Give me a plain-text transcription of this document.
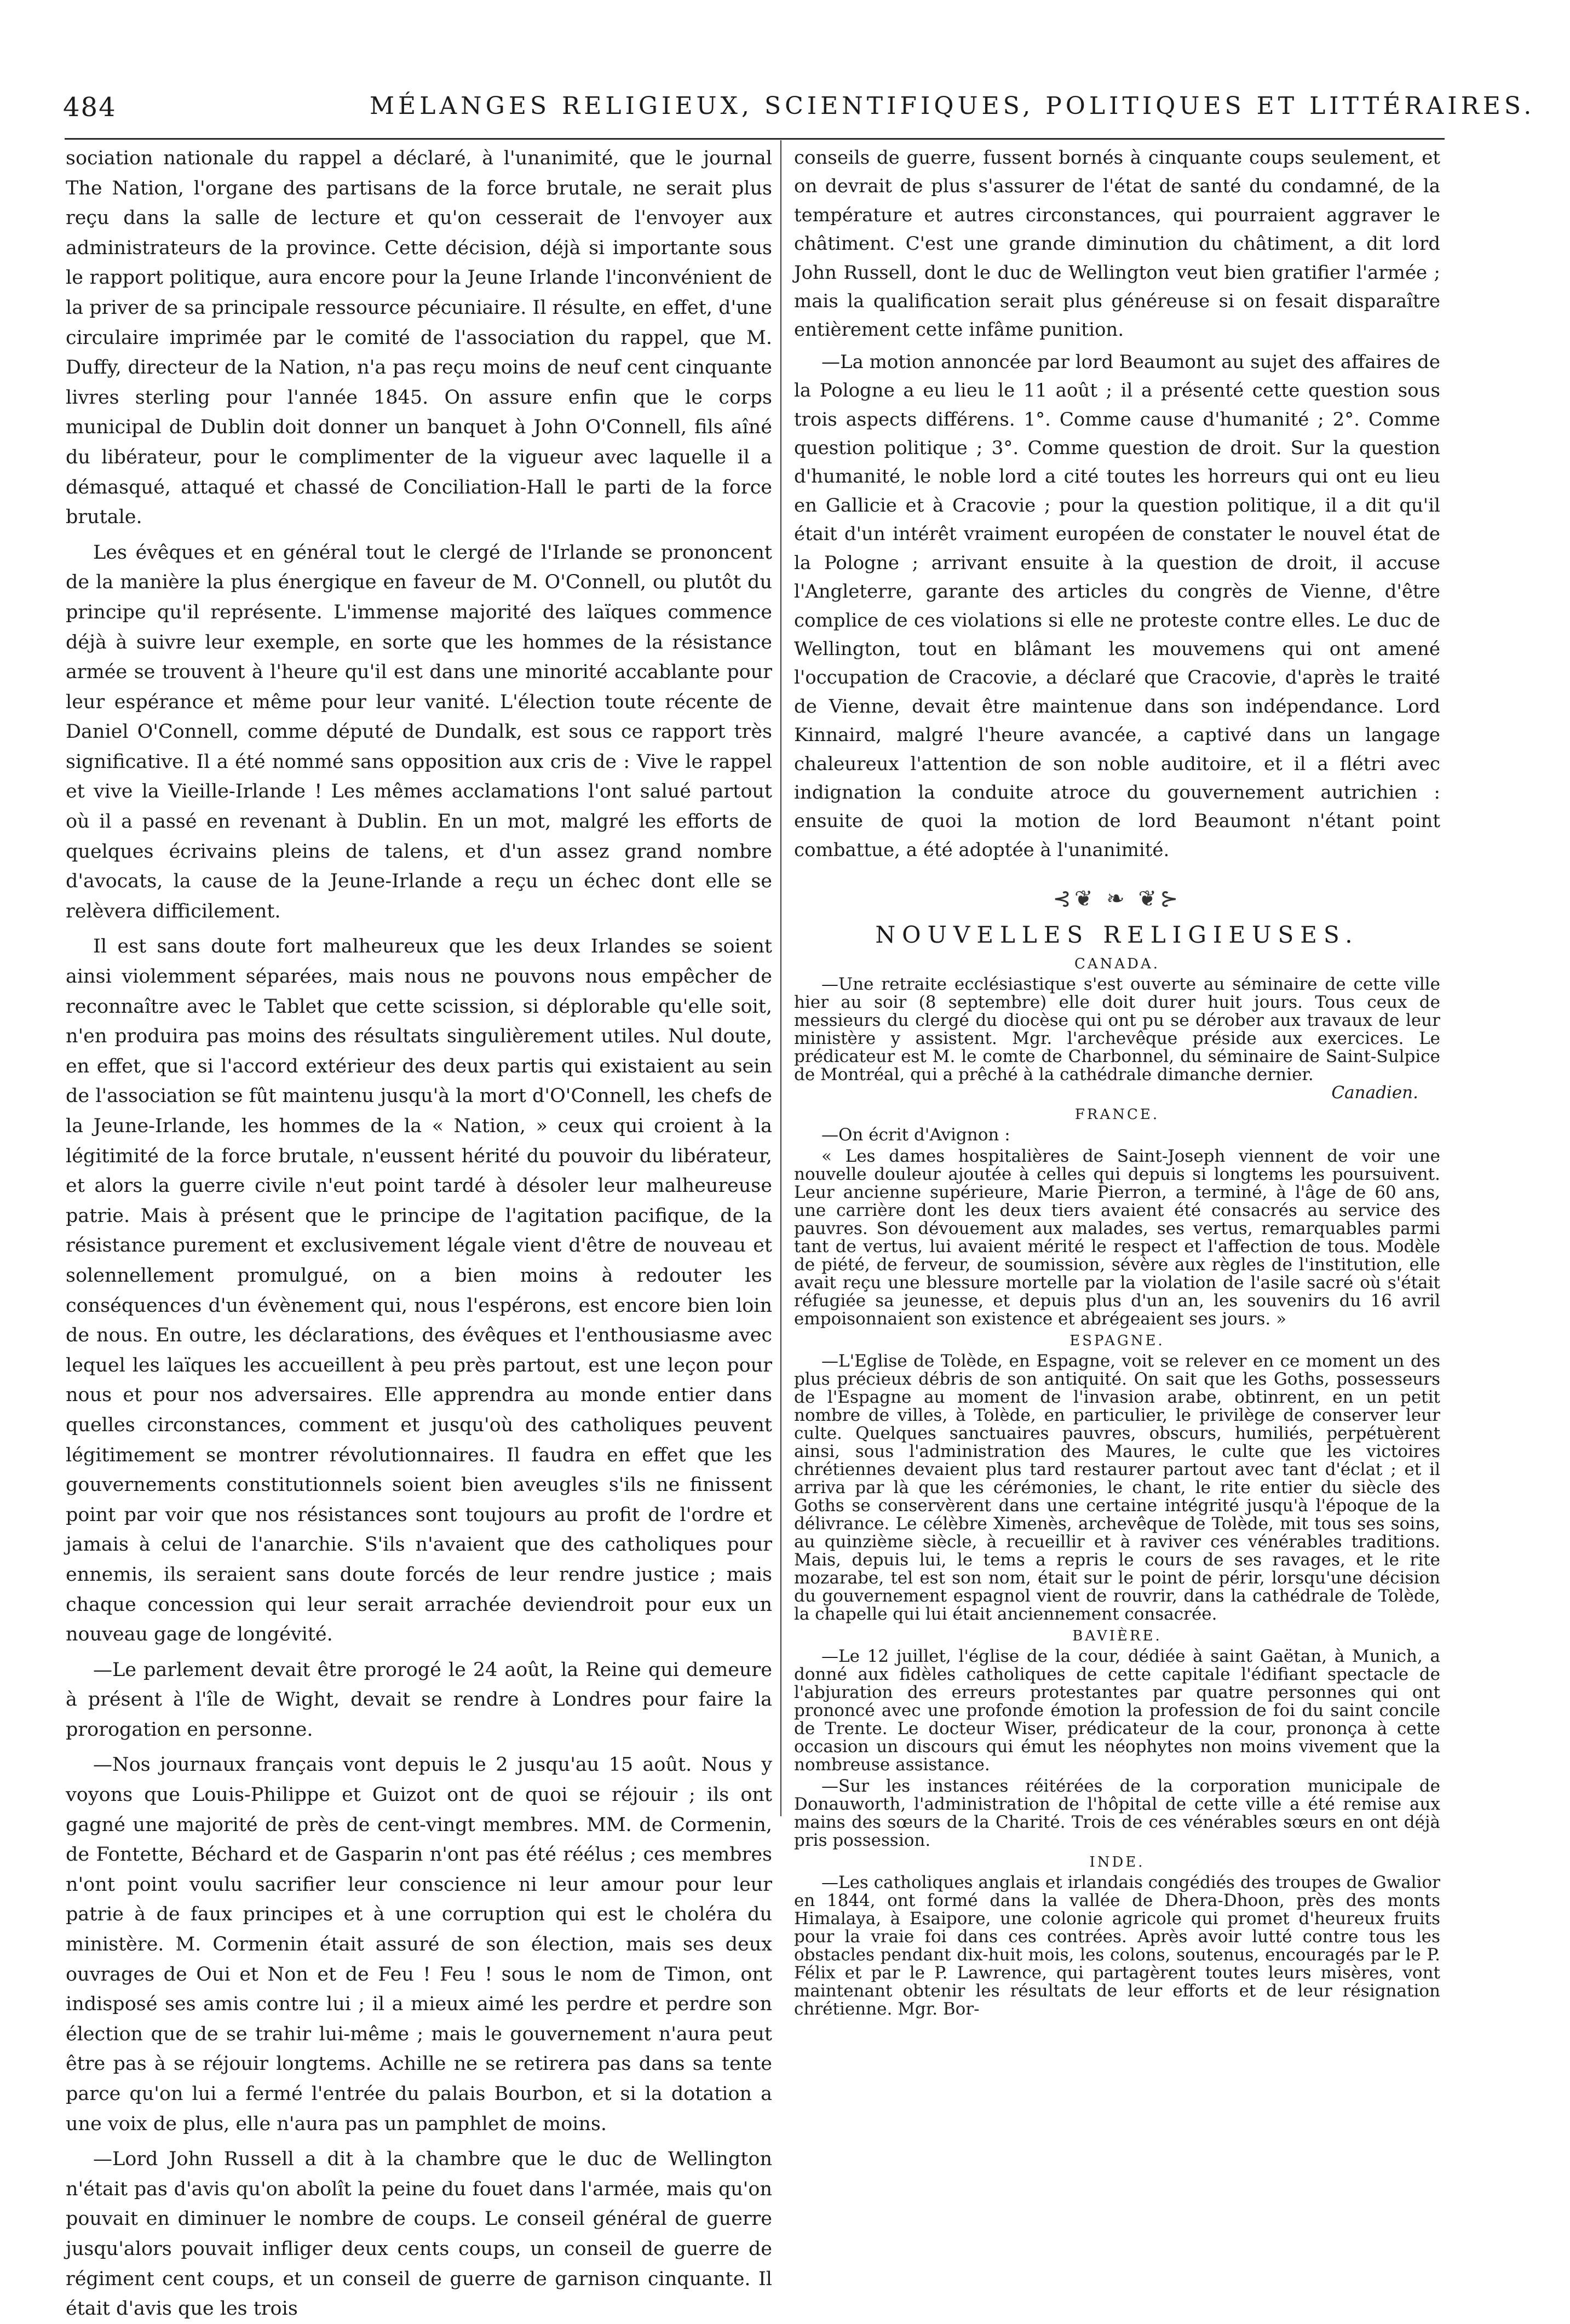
484	MÉLANGES RELIGIEUX, SCIENTIFIQUES, POLITIQUES ET LITTÉRAIRES.

sociation nationale du rappel a déclaré, à l'unanimité, que le journal The Nation, l'organe des partisans de la force brutale, ne serait plus reçu dans la salle de lecture et qu'on cesserait de l'envoyer aux administrateurs de la province. Cette décision, déjà si importante sous le rapport politique, aura encore pour la Jeune Irlande l'inconvénient de la priver de sa principale ressource pécuniaire. Il résulte, en effet, d'une circulaire imprimée par le comité de l'association du rappel, que M. Duffy, directeur de la Nation, n'a pas reçu moins de neuf cent cinquante livres sterling pour l'année 1845. On assure enfin que le corps municipal de Dublin doit donner un banquet à John O'Connell, fils aîné du libérateur, pour le complimenter de la vigueur avec laquelle il a démasqué, attaqué et chassé de Conciliation-Hall le parti de la force brutale.

Les évêques et en général tout le clergé de l'Irlande se prononcent de la manière la plus énergique en faveur de M. O'Connell, ou plutôt du principe qu'il représente. L'immense majorité des laïques commence déjà à suivre leur exemple, en sorte que les hommes de la résistance armée se trouvent à l'heure qu'il est dans une minorité accablante pour leur espérance et même pour leur vanité. L'élection toute récente de Daniel O'Connell, comme député de Dundalk, est sous ce rapport très significative. Il a été nommé sans opposition aux cris de : Vive le rappel et vive la Vieille-Irlande ! Les mêmes acclamations l'ont salué partout où il a passé en revenant à Dublin. En un mot, malgré les efforts de quelques écrivains pleins de talens, et d'un assez grand nombre d'avocats, la cause de la Jeune-Irlande a reçu un échec dont elle se relèvera difficilement.

Il est sans doute fort malheureux que les deux Irlandes se soient ainsi violemment séparées, mais nous ne pouvons nous empêcher de reconnaître avec le Tablet que cette scission, si déplorable qu'elle soit, n'en produira pas moins des résultats singulièrement utiles. Nul doute, en effet, que si l'accord extérieur des deux partis qui existaient au sein de l'association se fût maintenu jusqu'à la mort d'O'Connell, les chefs de la Jeune-Irlande, les hommes de la « Nation, » ceux qui croient à la légitimité de la force brutale, n'eussent hérité du pouvoir du libérateur, et alors la guerre civile n'eut point tardé à désoler leur malheureuse patrie. Mais à présent que le principe de l'agitation pacifique, de la résistance purement et exclusivement légale vient d'être de nouveau et solennellement promulgué, on a bien moins à redouter les conséquences d'un évènement qui, nous l'espérons, est encore bien loin de nous. En outre, les déclarations, des évêques et l'enthousiasme avec lequel les laïques les accueillent à peu près partout, est une leçon pour nous et pour nos adversaires. Elle apprendra au monde entier dans quelles circonstances, comment et jusqu'où des catholiques peuvent légitimement se montrer révolutionnaires. Il faudra en effet que les gouvernements constitutionnels soient bien aveugles s'ils ne finissent point par voir que nos résistances sont toujours au profit de l'ordre et jamais à celui de l'anarchie. S'ils n'avaient que des catholiques pour ennemis, ils seraient sans doute forcés de leur rendre justice ; mais chaque concession qui leur serait arrachée deviendroit pour eux un nouveau gage de longévité.

—Le parlement devait être prorogé le 24 août, la Reine qui demeure à présent à l'île de Wight, devait se rendre à Londres pour faire la prorogation en personne.

—Nos journaux français vont depuis le 2 jusqu'au 15 août. Nous y voyons que Louis-Philippe et Guizot ont de quoi se réjouir ; ils ont gagné une majorité de près de cent-vingt membres. MM. de Cormenin, de Fontette, Béchard et de Gasparin n'ont pas été réélus ; ces membres n'ont point voulu sacrifier leur conscience ni leur amour pour leur patrie à de faux principes et à une corruption qui est le choléra du ministère. M. Cormenin était assuré de son élection, mais ses deux ouvrages de Oui et Non et de Feu ! Feu ! sous le nom de Timon, ont indisposé ses amis contre lui ; il a mieux aimé les perdre et perdre son élection que de se trahir lui-même ; mais le gouvernement n'aura peut être pas à se réjouir longtems. Achille ne se retirera pas dans sa tente parce qu'on lui a fermé l'entrée du palais Bourbon, et si la dotation a une voix de plus, elle n'aura pas un pamphlet de moins.

—Lord John Russell a dit à la chambre que le duc de Wellington n'était pas d'avis qu'on abolît la peine du fouet dans l'armée, mais qu'on pouvait en diminuer le nombre de coups. Le conseil général de guerre jusqu'alors pouvait infliger deux cents coups, un conseil de guerre de régiment cent coups, et un conseil de guerre de garnison cinquante. Il était d'avis que les trois

conseils de guerre, fussent bornés à cinquante coups seulement, et on devrait de plus s'assurer de l'état de santé du condamné, de la température et autres circonstances, qui pourraient aggraver le châtiment. C'est une grande diminution du châtiment, a dit lord John Russell, dont le duc de Wellington veut bien gratifier l'armée ; mais la qualification serait plus généreuse si on fesait disparaître entièrement cette infâme punition.

—La motion annoncée par lord Beaumont au sujet des affaires de la Pologne a eu lieu le 11 août ; il a présenté cette question sous trois aspects différens. 1°. Comme cause d'humanité ; 2°. Comme question politique ; 3°. Comme question de droit. Sur la question d'humanité, le noble lord a cité toutes les horreurs qui ont eu lieu en Gallicie et à Cracovie ; pour la question politique, il a dit qu'il était d'un intérêt vraiment européen de constater le nouvel état de la Pologne ; arrivant ensuite à la question de droit, il accuse l'Angleterre, garante des articles du congrès de Vienne, d'être complice de ces violations si elle ne proteste contre elles. Le duc de Wellington, tout en blâmant les mouvemens qui ont amené l'occupation de Cracovie, a déclaré que Cracovie, d'après le traité de Vienne, devait être maintenue dans son indépendance. Lord Kinnaird, malgré l'heure avancée, a captivé dans un langage chaleureux l'attention de son noble auditoire, et il a flétri avec indignation la conduite atroce du gouvernement autrichien : ensuite de quoi la motion de lord Beaumont n'étant point combattue, a été adoptée à l'unanimité.

⊰❦ ❧ ❦⊱
NOUVELLES RELIGIEUSES.
CANADA.

—Une retraite ecclésiastique s'est ouverte au séminaire de cette ville hier au soir (8 septembre) elle doit durer huit jours. Tous ceux de messieurs du clergé du diocèse qui ont pu se dérober aux travaux de leur ministère y assistent. Mgr. l'archevêque préside aux exercices. Le prédicateur est M. le comte de Charbonnel, du séminaire de Saint-Sulpice de Montréal, qui a prêché à la cathédrale dimanche dernier.

Canadien.
FRANCE.

—On écrit d'Avignon :

« Les dames hospitalières de Saint-Joseph viennent de voir une nouvelle douleur ajoutée à celles qui depuis si longtems les poursuivent. Leur ancienne supérieure, Marie Pierron, a terminé, à l'âge de 60 ans, une carrière dont les deux tiers avaient été consacrés au service des pauvres. Son dévouement aux malades, ses vertus, remarquables parmi tant de vertus, lui avaient mérité le respect et l'affection de tous. Modèle de piété, de ferveur, de soumission, sévère aux règles de l'institution, elle avait reçu une blessure mortelle par la violation de l'asile sacré où s'était réfugiée sa jeunesse, et depuis plus d'un an, les souvenirs du 16 avril empoisonnaient son existence et abrégeaient ses jours. »

ESPAGNE.

—L'Eglise de Tolède, en Espagne, voit se relever en ce moment un des plus précieux débris de son antiquité. On sait que les Goths, possesseurs de l'Espagne au moment de l'invasion arabe, obtinrent, en un petit nombre de villes, à Tolède, en particulier, le privilège de conserver leur culte. Quelques sanctuaires pauvres, obscurs, humiliés, perpétuèrent ainsi, sous l'administration des Maures, le culte que les victoires chrétiennes devaient plus tard restaurer partout avec tant d'éclat ; et il arriva par là que les cérémonies, le chant, le rite entier du siècle des Goths se conservèrent dans une certaine intégrité jusqu'à l'époque de la délivrance. Le célèbre Ximenès, archevêque de Tolède, mit tous ses soins, au quinzième siècle, à recueillir et à raviver ces vénérables traditions. Mais, depuis lui, le tems a repris le cours de ses ravages, et le rite mozarabe, tel est son nom, était sur le point de périr, lorsqu'une décision du gouvernement espagnol vient de rouvrir, dans la cathédrale de Tolède, la chapelle qui lui était anciennement consacrée.

BAVIÈRE.

—Le 12 juillet, l'église de la cour, dédiée à saint Gaëtan, à Munich, a donné aux fidèles catholiques de cette capitale l'édifiant spectacle de l'abjuration des erreurs protestantes par quatre personnes qui ont prononcé avec une profonde émotion la profession de foi du saint concile de Trente. Le docteur Wiser, prédicateur de la cour, prononça à cette occasion un discours qui émut les néophytes non moins vivement que la nombreuse assistance.

—Sur les instances réitérées de la corporation municipale de Donauworth, l'administration de l'hôpital de cette ville a été remise aux mains des sœurs de la Charité. Trois de ces vénérables sœurs en ont déjà pris possession.

INDE.

—Les catholiques anglais et irlandais congédiés des troupes de Gwalior en 1844, ont formé dans la vallée de Dhera-Dhoon, près des monts Himalaya, à Esaipore, une colonie agricole qui promet d'heureux fruits pour la vraie foi dans ces contrées. Après avoir lutté contre tous les obstacles pendant dix-huit mois, les colons, soutenus, encouragés par le P. Félix et par le P. Lawrence, qui partagèrent toutes leurs misères, vont maintenant obtenir les résultats de leur efforts et de leur résignation chrétienne. Mgr. Bor-
